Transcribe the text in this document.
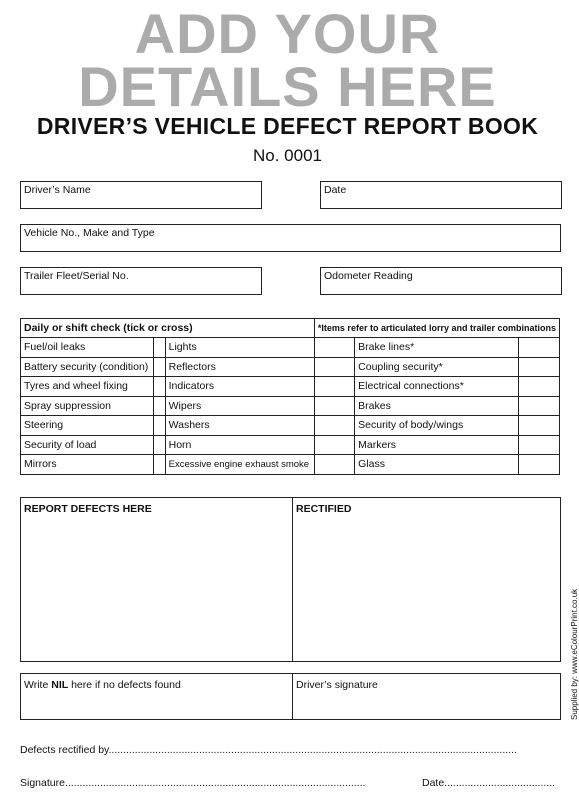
ADD YOUR
DETAILS HERE
DRIVER’S VEHICLE DEFECT REPORT BOOK
No. 0001
Driver’s Name	Date
Vehicle No., Make and Type
Trailer Fleet/Serial No.	Odometer Reading
Daily or shift check (tick or cross)			*Items refer to articulated lorry and trailer combinations		
Fuel/oil leaks		Lights		Brake lines*	
Battery security (condition)		Reflectors		Coupling security*	
Tyres and wheel fixing		Indicators		Electrical connections*	
Spray suppression		Wipers		Brakes	
Steering		Washers		Security of body/wings	
Security of load		Horn		Markers	
Mirrors		Excessive engine exhaust smoke		Glass	
REPORT DEFECTS HERE	RECTIFIED
Write NIL here if no defects found	Driver’s signature	Supplied by: www.eColourPrint.co.uk
Defects rectified by............................................................................................................................................
Signature.......................................................................................................	Date......................................
